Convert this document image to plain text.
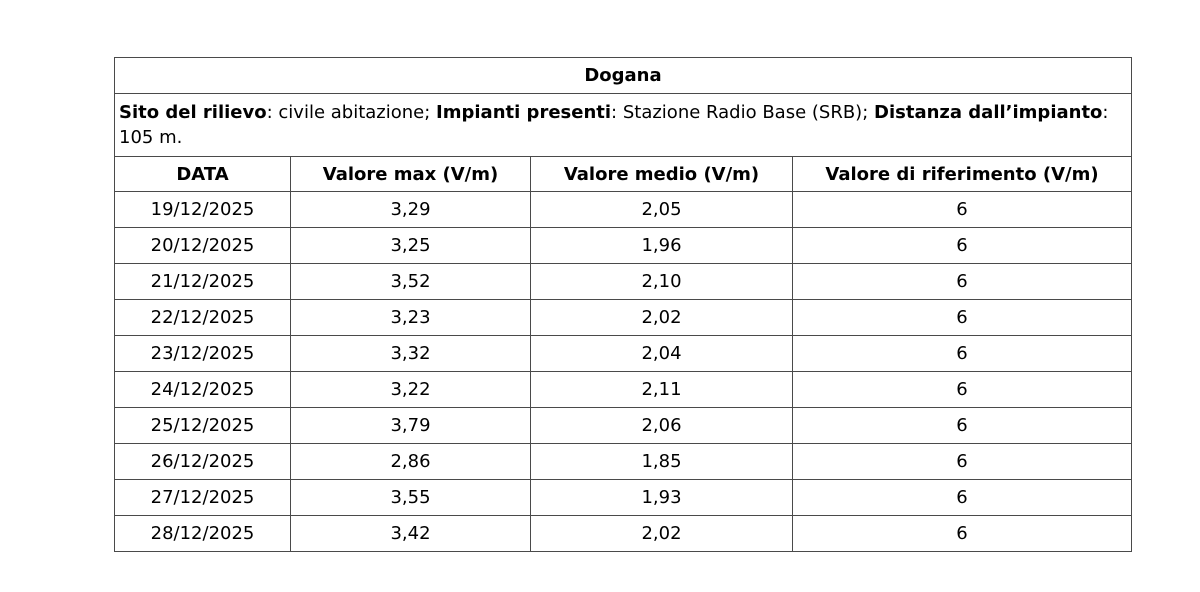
Dogana			
Sito del rilievo: civile abitazione; Impianti presenti: Stazione Radio Base (SRB); Distanza dall’impianto: 105 m.			
DATA	Valore max (V/m)	Valore medio (V/m)	Valore di riferimento (V/m)
19/12/2025	3,29	2,05	6
20/12/2025	3,25	1,96	6
21/12/2025	3,52	2,10	6
22/12/2025	3,23	2,02	6
23/12/2025	3,32	2,04	6
24/12/2025	3,22	2,11	6
25/12/2025	3,79	2,06	6
26/12/2025	2,86	1,85	6
27/12/2025	3,55	1,93	6
28/12/2025	3,42	2,02	6
